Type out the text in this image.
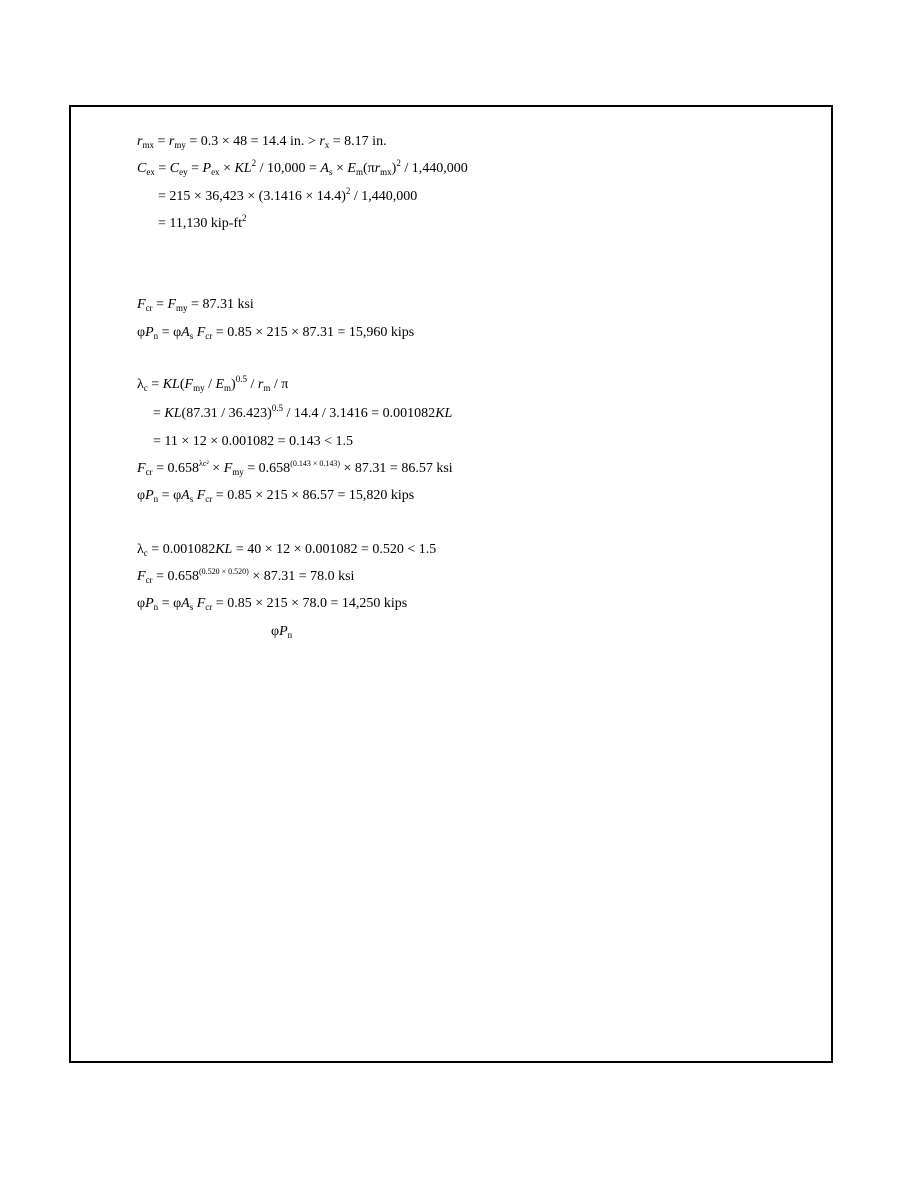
$r_{mx} = r_{my} = 0.3 \times 48 = 14.4$ in. > $r_x = 8.17$ in.
$C_{ex} = C_{ey} = P_{ex} \times KL^2 / 10,000 = A_s \times E_m(\pi r_{mx})^2 / 1,440,000$
= $215 \times 36,423 \times (3.1416 \times 14.4)^2 / 1,440,000$
= 11,130 kip-$ft^2$
$F_{cr} = F_{my} = 87.31$ ksi
$\varphi P_n = \varphi A_s$ $F_{cr} = 0.85 \times 215 \times 87.31 = 15,960$ kips
$\lambda_c = KL(F_{my} / E_m)^{0.5} / r_m / \pi$
= KL(87.31 / 36.423)$^{0.5}$ / 14.4 / 3.1416 = 0.001082KL
= 11 × 12 × 0.001082 = 0.143 < 1.5
$F_{cr} = 0.658^{\lambda c^2} \times F_{my} = 0.658^{(0.143 \times 0.143)} \times 87.31 = 86.57$ ksi
$\varphi P_n = \varphi A_s$ $F_{cr} = 0.85 \times 215 \times 86.57 = 15,820$ kips
$\lambda_c = 0.001082KL = 40 \times 12 \times 0.001082 = 0.520 < 1.5$
$F_{cr} = 0.658^{(0.520 \times 0.520)} \times 87.31 = 78.0$ ksi
$\varphi P_n = \varphi A_s$ $F_{cr} = 0.85 \times 215 \times 78.0 = 14,250$ kips
$\varphi P_n$
